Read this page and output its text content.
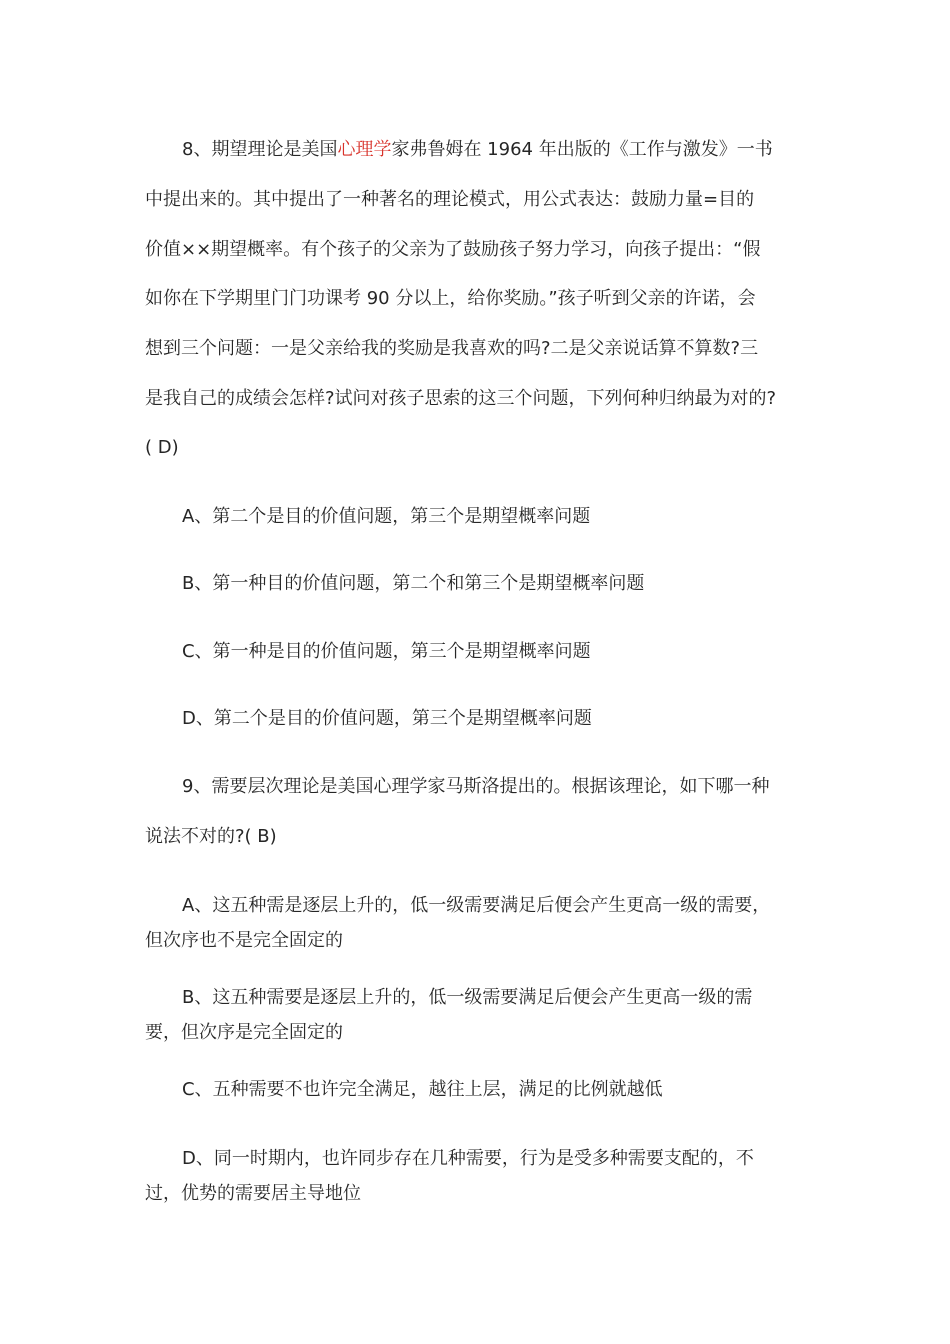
8、期望理论是美国心理学家弗鲁姆在 1964 年出版的《工作与激发》一书
中提出来的。其中提出了一种著名的理论模式，用公式表达：鼓励力量=目的
价值××期望概率。有个孩子的父亲为了鼓励孩子努力学习，向孩子提出：“假
如你在下学期里门门功课考 90 分以上，给你奖励。”孩子听到父亲的许诺，会
想到三个问题：一是父亲给我的奖励是我喜欢的吗?二是父亲说话算不算数?三
是我自己的成绩会怎样?试问对孩子思索的这三个问题，下列何种归纳最为对的?
( D)
A、第二个是目的价值问题，第三个是期望概率问题
B、第一种目的价值问题，第二个和第三个是期望概率问题
C、第一种是目的价值问题，第三个是期望概率问题
D、第二个是目的价值问题，第三个是期望概率问题
9、需要层次理论是美国心理学家马斯洛提出的。根据该理论，如下哪一种
说法不对的?( B)
A、这五种需是逐层上升的，低一级需要满足后便会产生更高一级的需要，
但次序也不是完全固定的
B、这五种需要是逐层上升的，低一级需要满足后便会产生更高一级的需
要，但次序是完全固定的
C、五种需要不也许完全满足，越往上层，满足的比例就越低
D、同一时期内，也许同步存在几种需要，行为是受多种需要支配的，不
过，优势的需要居主导地位
